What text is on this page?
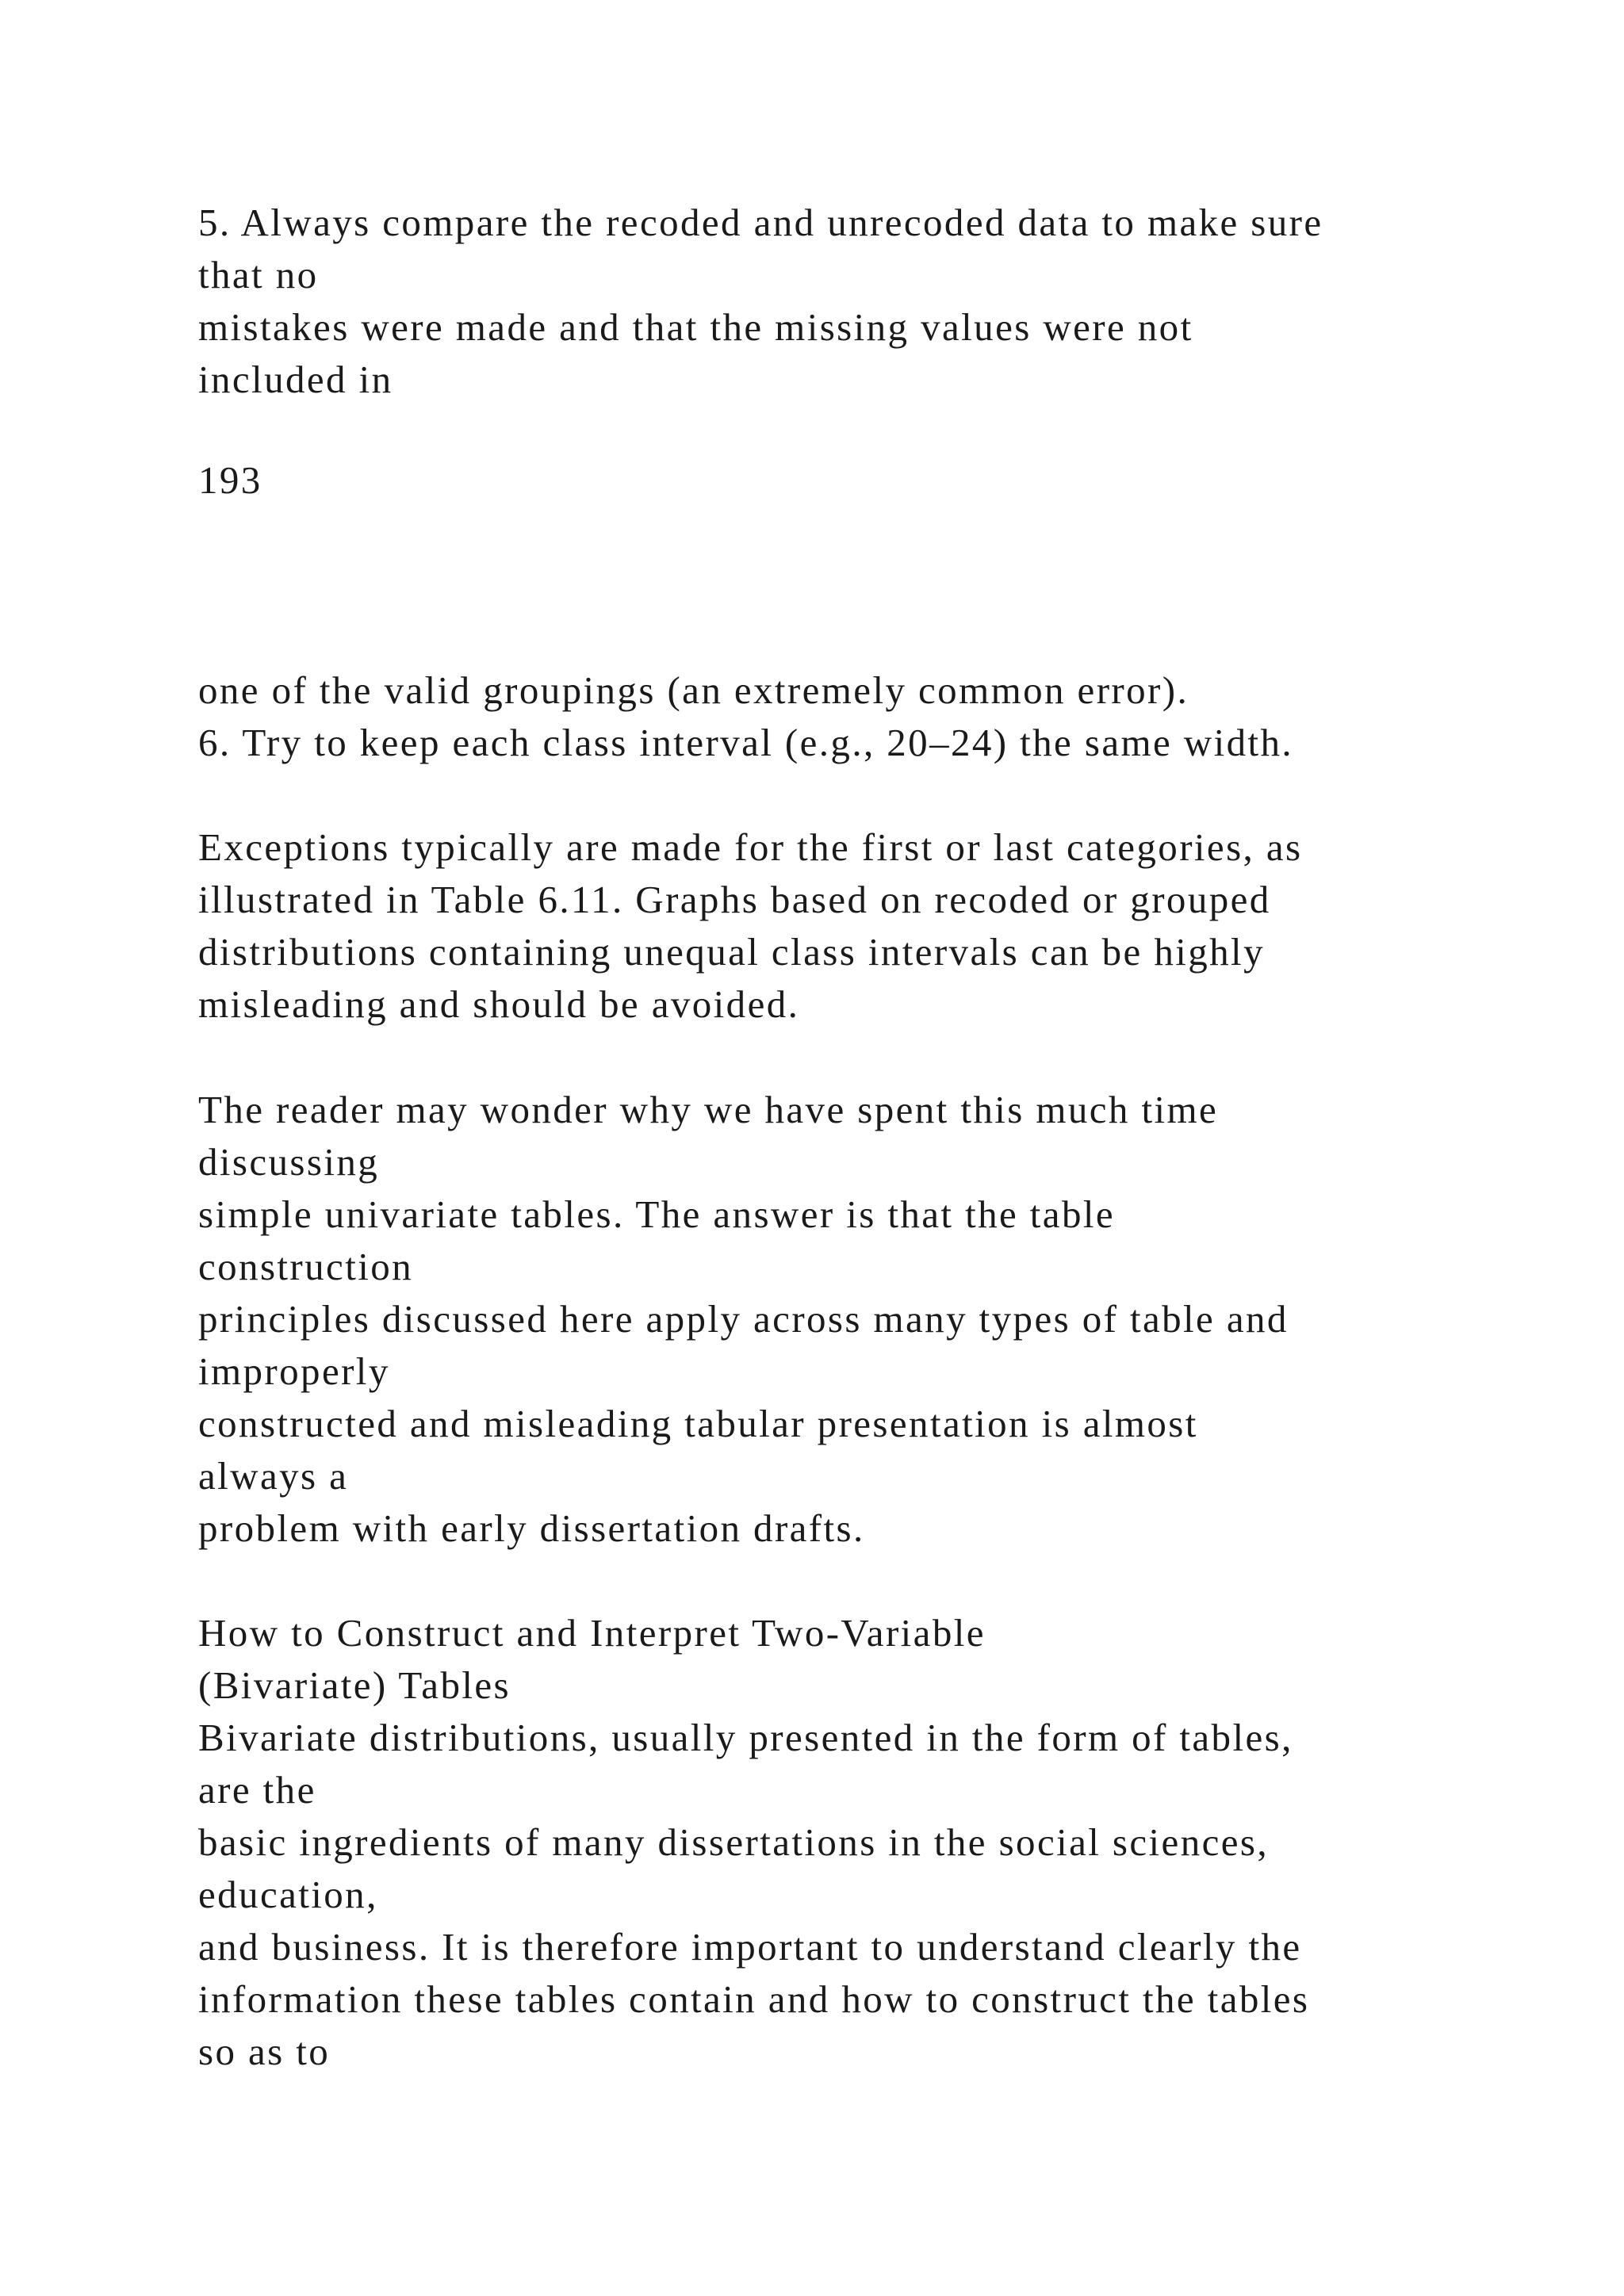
5. Always compare the recoded and unrecoded data to make sure
that no
mistakes were made and that the missing values were not
included in

193

one of the valid groupings (an extremely common error).
6. Try to keep each class interval (e.g., 20–24) the same width.

Exceptions typically are made for the first or last categories, as
illustrated in Table 6.11. Graphs based on recoded or grouped
distributions containing unequal class intervals can be highly
misleading and should be avoided.

The reader may wonder why we have spent this much time
discussing
simple univariate tables. The answer is that the table
construction
principles discussed here apply across many types of table and
improperly
constructed and misleading tabular presentation is almost
always a
problem with early dissertation drafts.

How to Construct and Interpret Two-Variable
(Bivariate) Tables
Bivariate distributions, usually presented in the form of tables,
are the
basic ingredients of many dissertations in the social sciences,
education,
and business. It is therefore important to understand clearly the
information these tables contain and how to construct the tables
so as to
